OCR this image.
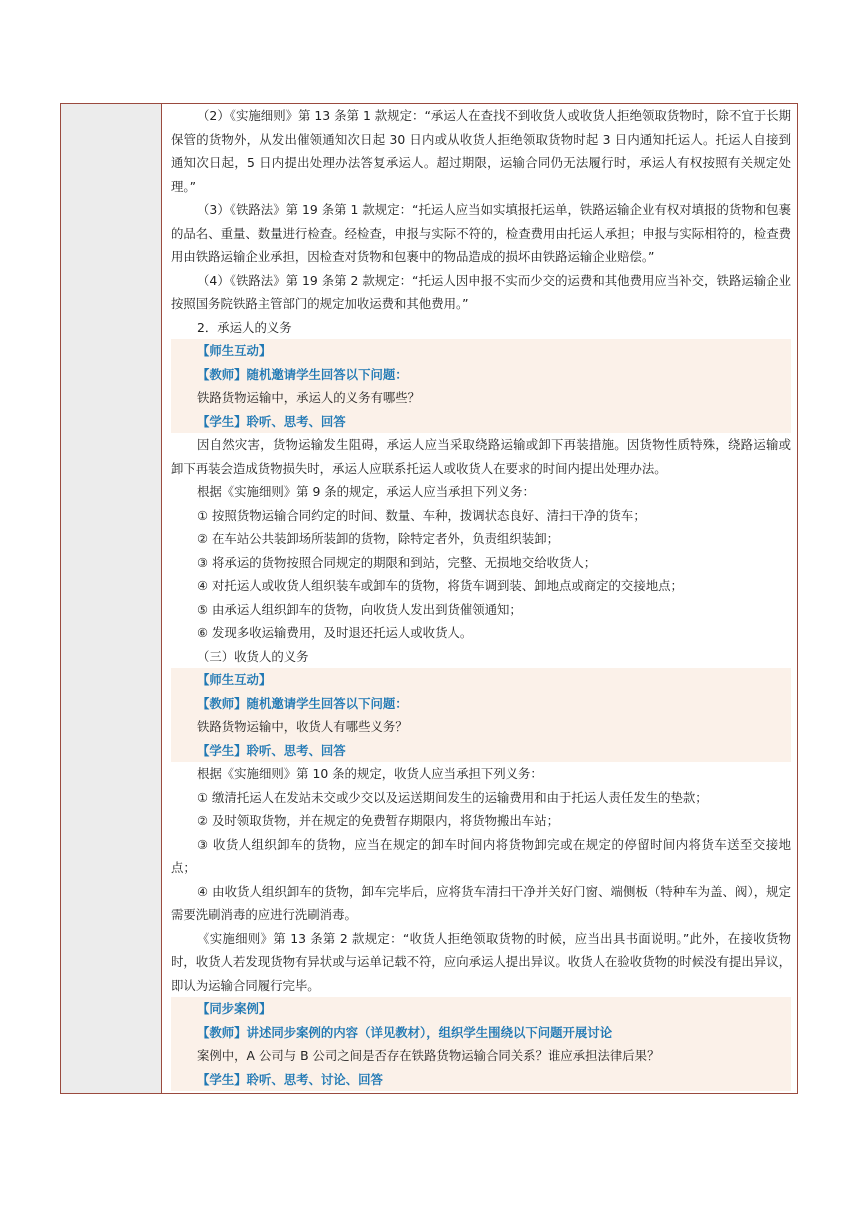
（2）《实施细则》第 13 条第 1 款规定：“承运人在查找不到收货人或收货人拒绝领取货物时，除不宜于长期保管的货物外，从发出催领通知次日起 30 日内或从收货人拒绝领取货物时起 3 日内通知托运人。托运人自接到通知次日起，5 日内提出处理办法答复承运人。超过期限，运输合同仍无法履行时，承运人有权按照有关规定处理。”

（3）《铁路法》第 19 条第 1 款规定：“托运人应当如实填报托运单，铁路运输企业有权对填报的货物和包裹的品名、重量、数量进行检查。经检查，申报与实际不符的，检查费用由托运人承担；申报与实际相符的，检查费用由铁路运输企业承担，因检查对货物和包裹中的物品造成的损坏由铁路运输企业赔偿。”

（4）《铁路法》第 19 条第 2 款规定：“托运人因申报不实而少交的运费和其他费用应当补交，铁路运输企业按照国务院铁路主管部门的规定加收运费和其他费用。”

2．承运人的义务

【师生互动】

【教师】随机邀请学生回答以下问题：

铁路货物运输中，承运人的义务有哪些？

【学生】聆听、思考、回答

因自然灾害，货物运输发生阻碍，承运人应当采取绕路运输或卸下再装措施。因货物性质特殊，绕路运输或卸下再装会造成货物损失时，承运人应联系托运人或收货人在要求的时间内提出处理办法。

根据《实施细则》第 9 条的规定，承运人应当承担下列义务：

① 按照货物运输合同约定的时间、数量、车种，拨调状态良好、清扫干净的货车；

② 在车站公共装卸场所装卸的货物，除特定者外，负责组织装卸；

③ 将承运的货物按照合同规定的期限和到站，完整、无损地交给收货人；

④ 对托运人或收货人组织装车或卸车的货物，将货车调到装、卸地点或商定的交接地点；

⑤ 由承运人组织卸车的货物，向收货人发出到货催领通知；

⑥ 发现多收运输费用，及时退还托运人或收货人。

（三）收货人的义务

【师生互动】

【教师】随机邀请学生回答以下问题：

铁路货物运输中，收货人有哪些义务？

【学生】聆听、思考、回答

根据《实施细则》第 10 条的规定，收货人应当承担下列义务：

① 缴清托运人在发站未交或少交以及运送期间发生的运输费用和由于托运人责任发生的垫款；

② 及时领取货物，并在规定的免费暂存期限内，将货物搬出车站；

③ 收货人组织卸车的货物，应当在规定的卸车时间内将货物卸完或在规定的停留时间内将货车送至交接地点；

④ 由收货人组织卸车的货物，卸车完毕后，应将货车清扫干净并关好门窗、端侧板（特种车为盖、阀），规定需要洗刷消毒的应进行洗刷消毒。

《实施细则》第 13 条第 2 款规定：“收货人拒绝领取货物的时候，应当出具书面说明。”此外，在接收货物时，收货人若发现货物有异状或与运单记载不符，应向承运人提出异议。收货人在验收货物的时候没有提出异议，即认为运输合同履行完毕。

【同步案例】

【教师】讲述同步案例的内容（详见教材），组织学生围绕以下问题开展讨论

案例中，A 公司与 B 公司之间是否存在铁路货物运输合同关系？谁应承担法律后果？

【学生】聆听、思考、讨论、回答
